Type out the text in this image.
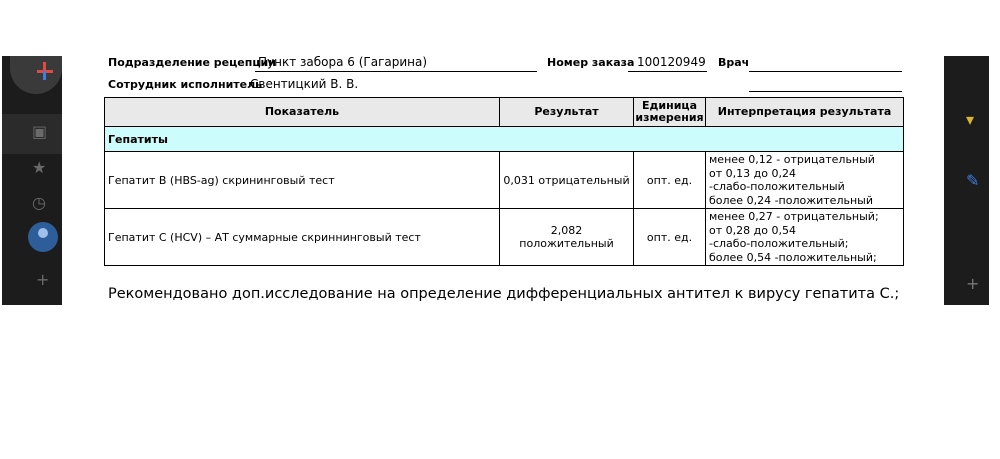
▣
★
◷
+
▾
✎
+
Подразделение рецепции
Пункт забора 6 (Гагарина)	Номер заказа 100120949 Врач
Сотрудник исполнитель
Свентицкий В. В.
Показатель	Результат	Единица измерения	Интерпретация результата
Гепатиты			
Гепатит В (HBS-ag) скрининговый тест	0,031 отрицательный	опт. ед.	менее 0,12 - отрицательный
от 0,13 до 0,24
-слабо-положительный
более 0,24 -положительный

Гепатит С (HCV) – АТ суммарные скриннинговый тест	2,082 положительный	опт. ед.	менее 0,27 - отрицательный;
от 0,28 до 0,54
-слабо-положительный;
более 0,54 -положительный;
Рекомендовано доп.исследование на определение дифференциальных антител к вирусу гепатита С.;
